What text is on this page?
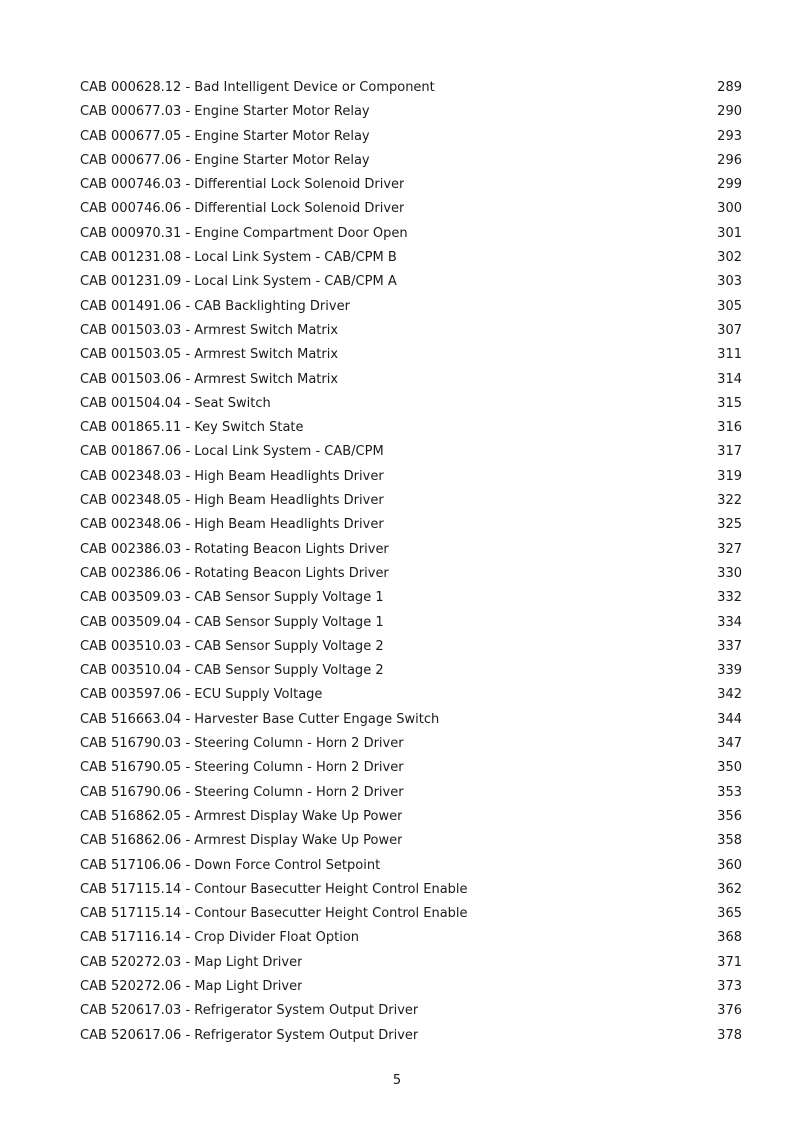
CAB 000628.12 - Bad Intelligent Device or Component	289
CAB 000677.03 - Engine Starter Motor Relay	290
CAB 000677.05 - Engine Starter Motor Relay	293
CAB 000677.06 - Engine Starter Motor Relay	296
CAB 000746.03 - Differential Lock Solenoid Driver	299
CAB 000746.06 - Differential Lock Solenoid Driver	300
CAB 000970.31 - Engine Compartment Door Open	301
CAB 001231.08 - Local Link System - CAB/CPM B	302
CAB 001231.09 - Local Link System - CAB/CPM A	303
CAB 001491.06 - CAB Backlighting Driver	305
CAB 001503.03 - Armrest Switch Matrix	307
CAB 001503.05 - Armrest Switch Matrix	311
CAB 001503.06 - Armrest Switch Matrix	314
CAB 001504.04 - Seat Switch	315
CAB 001865.11 - Key Switch State	316
CAB 001867.06 - Local Link System - CAB/CPM	317
CAB 002348.03 - High Beam Headlights Driver	319
CAB 002348.05 - High Beam Headlights Driver	322
CAB 002348.06 - High Beam Headlights Driver	325
CAB 002386.03 - Rotating Beacon Lights Driver	327
CAB 002386.06 - Rotating Beacon Lights Driver	330
CAB 003509.03 - CAB Sensor Supply Voltage 1	332
CAB 003509.04 - CAB Sensor Supply Voltage 1	334
CAB 003510.03 - CAB Sensor Supply Voltage 2	337
CAB 003510.04 - CAB Sensor Supply Voltage 2	339
CAB 003597.06 - ECU Supply Voltage	342
CAB 516663.04 - Harvester Base Cutter Engage Switch	344
CAB 516790.03 - Steering Column - Horn 2 Driver	347
CAB 516790.05 - Steering Column - Horn 2 Driver	350
CAB 516790.06 - Steering Column - Horn 2 Driver	353
CAB 516862.05 - Armrest Display Wake Up Power	356
CAB 516862.06 - Armrest Display Wake Up Power	358
CAB 517106.06 - Down Force Control Setpoint	360
CAB 517115.14 - Contour Basecutter Height Control Enable	362
CAB 517115.14 - Contour Basecutter Height Control Enable	365
CAB 517116.14 - Crop Divider Float Option	368
CAB 520272.03 - Map Light Driver	371
CAB 520272.06 - Map Light Driver	373
CAB 520617.03 - Refrigerator System Output Driver	376
CAB 520617.06 - Refrigerator System Output Driver	378
5
